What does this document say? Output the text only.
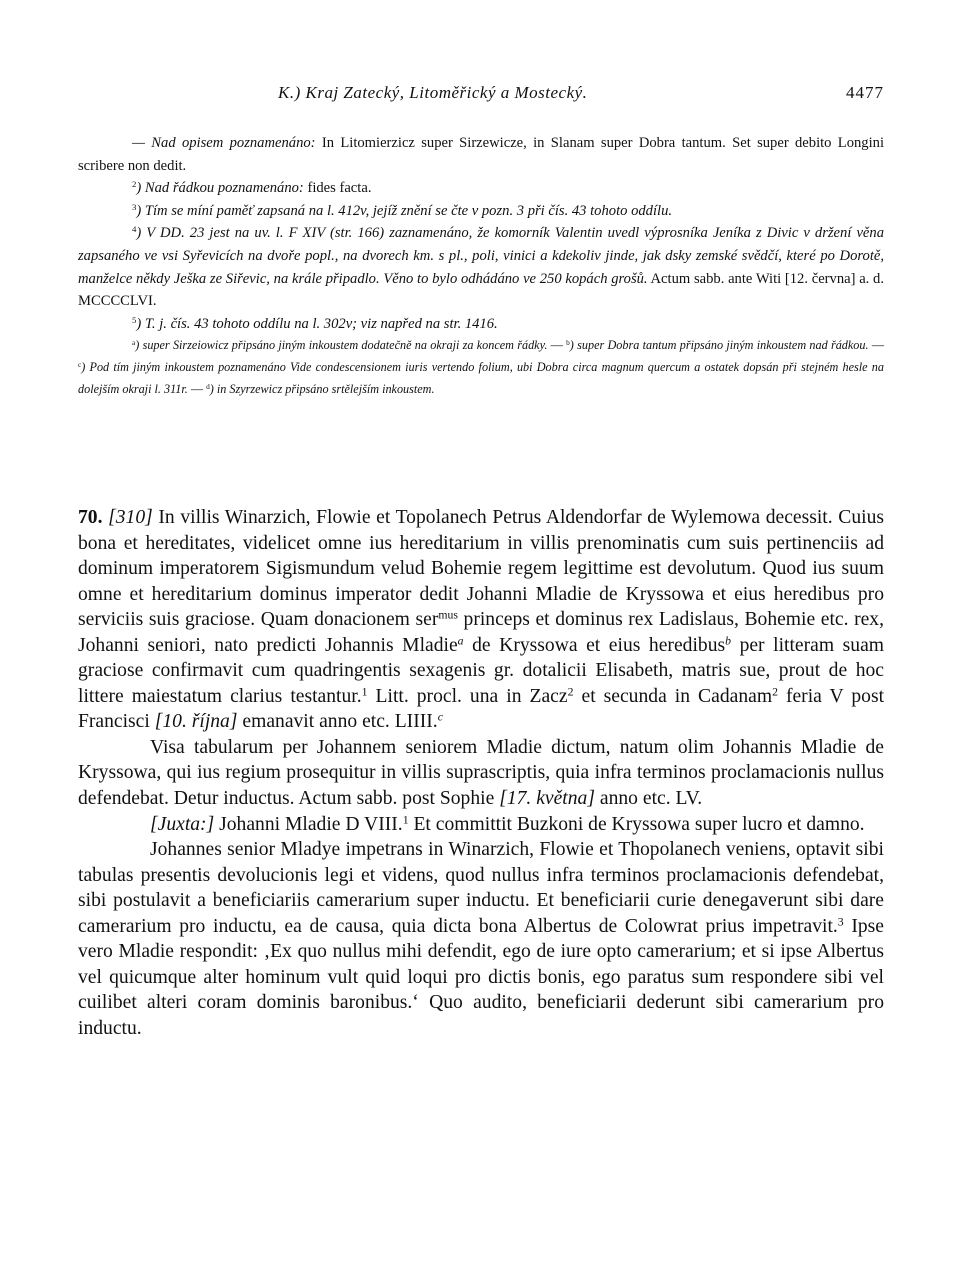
K.) Kraj Zatecký, Litoměřický a Mostecký.	4477

— Nad opisem poznamenáno: In Litomierzicz super Sirzewicze, in Slanam super Dobra tantum. Set super debito Longini scribere non dedit.

$^2$) Nad řádkou poznamenáno: fides facta.

$^3$) Tím se míní paměť zapsaná na l. 412v, jejíž znění se čte v pozn. 3 při čís. 43 tohoto oddílu.

$^4$) V DD. 23 jest na uv. l. F XIV (str. 166) zaznamenáno, že komorník Valentin uvedl výprosníka Jeníka z Divic v držení věna zapsaného ve vsi Syřevicích na dvoře popl., na dvorech km. s pl., poli, vinici a kdekoliv jinde, jak dsky zemské svědčí, které po Dorotě, manželce někdy Ješka ze Siřevic, na krále připadlo. Věno to bylo odhádáno ve 250 kopách grošů. Actum sabb. ante Witi [12. června] a. d. MCCCCLVI.

$^5$) T. j. čís. 43 tohoto oddílu na l. 302v; viz napřed na str. 1416.

$^a$) super Sirzeiowicz připsáno jiným inkoustem dodatečně na okraji za koncem řádky. — $^b$) super Dobra tantum připsáno jiným inkoustem nad řádkou. — $^c$) Pod tím jiným inkoustem poznamenáno Vide condescensionem iuris vertendo folium, ubi Dobra circa magnum quercum a ostatek dopsán při stejném hesle na dolejším okraji l. 311r. — $^d$) in Szyrzewicz připsáno srtělejším inkoustem.

70. [310] In villis Winarzich, Flowie et Topolanech Petrus Aldendorfar de Wylemowa decessit. Cuius bona et hereditates, videlicet omne ius hereditarium in villis prenominatis cum suis pertinenciis ad dominum imperatorem Sigismundum velud Bohemie regem legittime est devolutum. Quod ius suum omne et hereditarium dominus imperator dedit Johanni Mladie de Kryssowa et eius heredibus pro serviciis suis graciose. Quam donacionem ser$^{mus}$ princeps et dominus rex Ladislaus, Bohemie etc. rex, Johanni seniori, nato predicti Johannis Mladie$^a$ de Kryssowa et eius heredibus$^b$ per litteram suam graciose confirmavit cum quadringentis sexagenis gr. dotalicii Elisabeth, matris sue, prout de hoc littere maiestatum clarius testantur.$^1$ Litt. procl. una in Zacz$^2$ et secunda in Cadanam$^2$ feria V post Francisci [10. října] emanavit anno etc. LIIII.$^c$

Visa tabularum per Johannem seniorem Mladie dictum, natum olim Johannis Mladie de Kryssowa, qui ius regium prosequitur in villis suprascriptis, quia infra terminos proclamacionis nullus defendebat. Detur inductus. Actum sabb. post Sophie [17. května] anno etc. LV.

[Juxta:] Johanni Mladie D VIII.$^1$ Et committit Buzkoni de Kryssowa super lucro et damno.

Johannes senior Mladye impetrans in Winarzich, Flowie et Thopolanech veniens, optavit sibi tabulas presentis devolucionis legi et videns, quod nullus infra terminos proclamacionis defendebat, sibi postulavit a beneficiariis camerarium super inductu. Et beneficiarii curie denegaverunt sibi dare camerarium pro inductu, ea de causa, quia dicta bona Albertus de Colowrat prius impetravit.$^3$ Ipse vero Mladie respondit: ‚Ex quo nullus mihi defendit, ego de iure opto camerarium; et si ipse Albertus vel quicumque alter hominum vult quid loqui pro dictis bonis, ego paratus sum respondere sibi vel cuilibet alteri coram dominis baronibus.‘ Quo audito, beneficiarii dederunt sibi camerarium pro inductu.
